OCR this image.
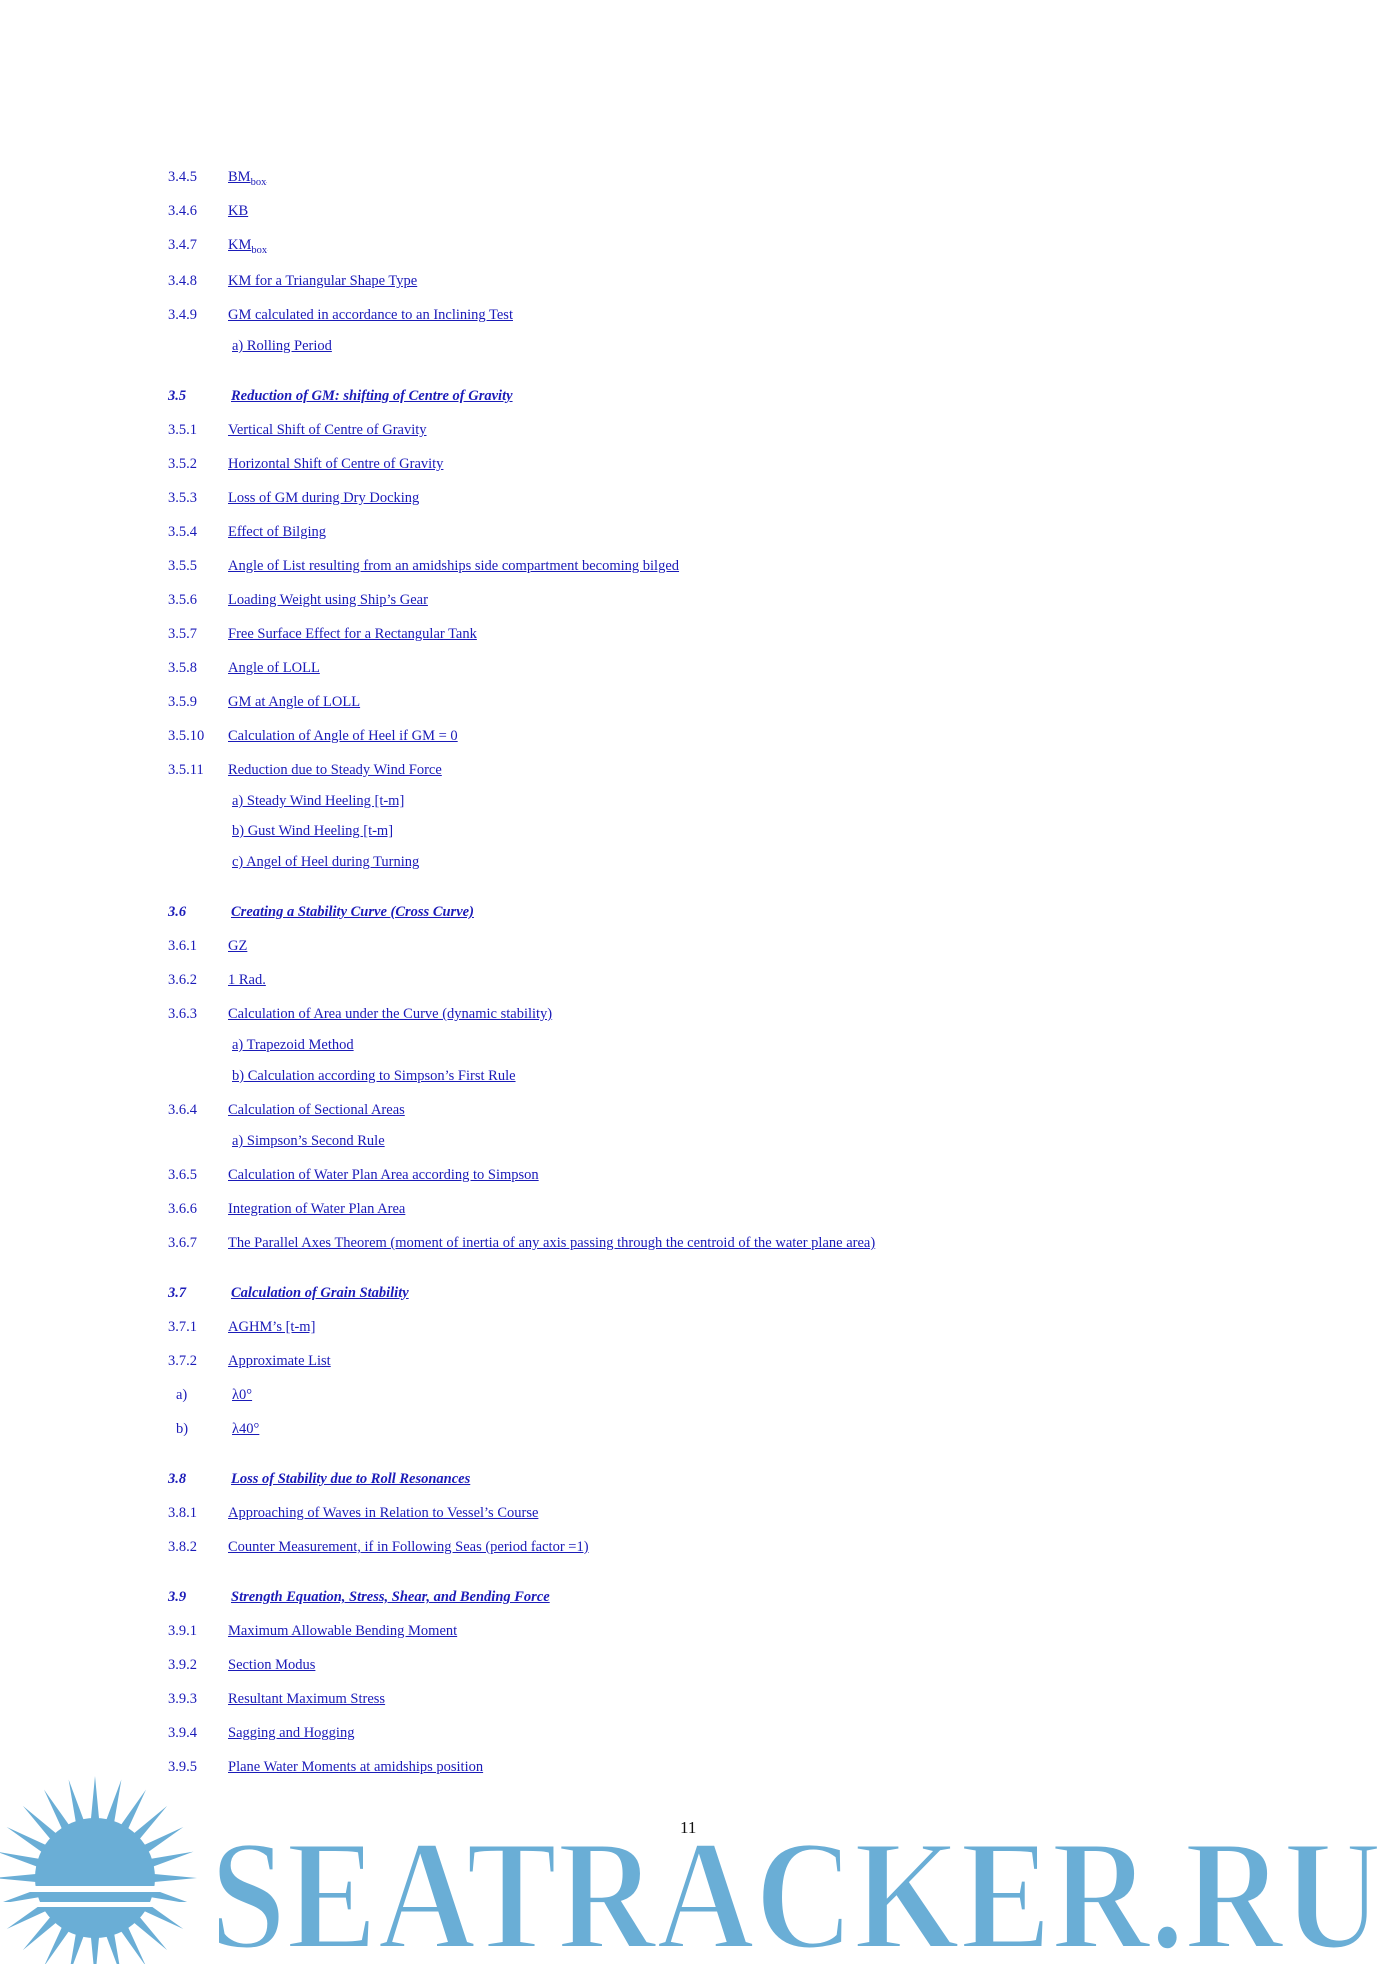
3.4.5 $BM_{box}$
3.4.6 KB
3.4.7 $KM_{box}$
3.4.8 KM for a Triangular Shape Type
3.4.9 GM calculated in accordance to an Inclining Test
a) Rolling Period
3.5	Reduction of GM: shifting of Centre of Gravity
3.5.1 Vertical Shift of Centre of Gravity
3.5.2 Horizontal Shift of Centre of Gravity
3.5.3 Loss of GM during Dry Docking
3.5.4 Effect of Bilging
3.5.5 Angle of List resulting from an amidships side compartment becoming bilged
3.5.6 Loading Weight using Ship’s Gear
3.5.7 Free Surface Effect for a Rectangular Tank
3.5.8 Angle of LOLL
3.5.9 GM at Angle of LOLL
3.5.10 Calculation of Angle of Heel if GM = 0
3.5.11 Reduction due to Steady Wind Force
a) Steady Wind Heeling [t-m]
b) Gust Wind Heeling [t-m]
c) Angel of Heel during Turning
3.6	Creating a Stability Curve (Cross Curve)
3.6.1 GZ
3.6.2 1 Rad.
3.6.3 Calculation of Area under the Curve (dynamic stability)
a) Trapezoid Method
b) Calculation according to Simpson’s First Rule
3.6.4 Calculation of Sectional Areas
a) Simpson’s Second Rule
3.6.5 Calculation of Water Plan Area according to Simpson
3.6.6 Integration of Water Plan Area
3.6.7 The Parallel Axes Theorem (moment of inertia of any axis passing through the centroid of the water plane area)
3.7	Calculation of Grain Stability
3.7.1 AGHM’s [t-m]
3.7.2 Approximate List
a)	λ0°
b)	λ40°
3.8	Loss of Stability due to Roll Resonances
3.8.1 Approaching of Waves in Relation to Vessel’s Course
3.8.2 Counter Measurement, if in Following Seas (period factor =1)
3.9	Strength Equation, Stress, Shear, and Bending Force
3.9.1 Maximum Allowable Bending Moment
3.9.2 Section Modus
3.9.3 Resultant Maximum Stress
3.9.4 Sagging and Hogging
3.9.5 Plane Water Moments at amidships position
11
SEATRACKER.RU
